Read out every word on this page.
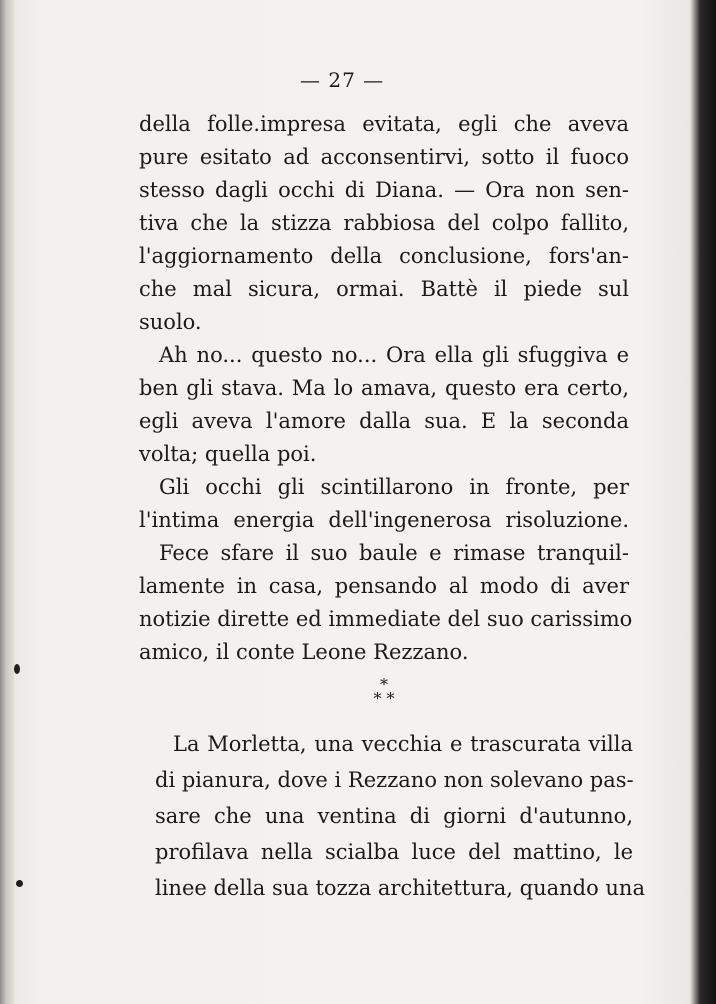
— 27 —
della folle.impresa evitata, egli che aveva
pure esitato ad acconsentirvi, sotto il fuoco
stesso dagli occhi di Diana. — Ora non sen-
tiva che la stizza rabbiosa del colpo fallito,
l'aggiornamento della conclusione, fors'an-
che mal sicura, ormai. Battè il piede sul
suolo.
Ah no... questo no... Ora ella gli sfuggiva e
ben gli stava. Ma lo amava, questo era certo,
egli aveva l'amore dalla sua. E la seconda
volta; quella poi.
Gli occhi gli scintillarono in fronte, per
l'intima energia dell'ingenerosa risoluzione.
Fece sfare il suo baule e rimase tranquil-
lamente in casa, pensando al modo di aver
notizie dirette ed immediate del suo carissimo
amico, il conte Leone Rezzano.
*
* *
La Morletta, una vecchia e trascurata villa
di pianura, dove i Rezzano non solevano pas-
sare che una ventina di giorni d'autunno,
profilava nella scialba luce del mattino, le
linee della sua tozza architettura, quando una
